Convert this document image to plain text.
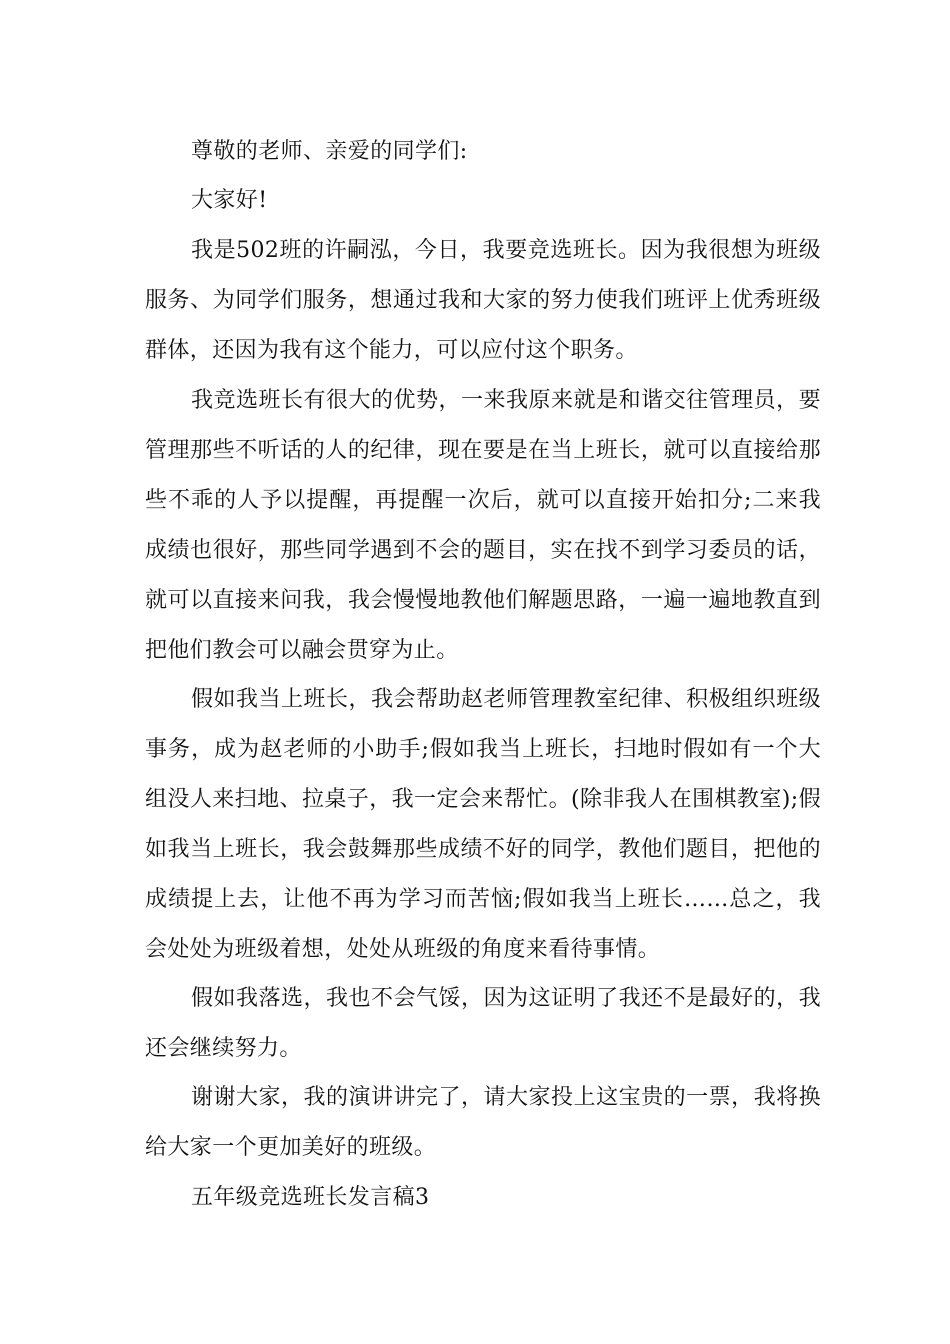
尊敬的老师、亲爱的同学们:

大家好!

我是502班的许嗣泓，今日，我要竞选班长。因为我很想为班级服务、为同学们服务，想通过我和大家的努力使我们班评上优秀班级群体，还因为我有这个能力，可以应付这个职务。

我竞选班长有很大的优势，一来我原来就是和谐交往管理员，要管理那些不听话的人的纪律，现在要是在当上班长，就可以直接给那些不乖的人予以提醒，再提醒一次后，就可以直接开始扣分;二来我成绩也很好，那些同学遇到不会的题目，实在找不到学习委员的话，就可以直接来问我，我会慢慢地教他们解题思路，一遍一遍地教直到把他们教会可以融会贯穿为止。

假如我当上班长，我会帮助赵老师管理教室纪律、积极组织班级事务，成为赵老师的小助手;假如我当上班长，扫地时假如有一个大组没人来扫地、拉桌子，我一定会来帮忙。(除非我人在围棋教室);假如我当上班长，我会鼓舞那些成绩不好的同学，教他们题目，把他的成绩提上去，让他不再为学习而苦恼;假如我当上班长……总之，我会处处为班级着想，处处从班级的角度来看待事情。

假如我落选，我也不会气馁，因为这证明了我还不是最好的，我还会继续努力。

谢谢大家，我的演讲讲完了，请大家投上这宝贵的一票，我将换给大家一个更加美好的班级。

五年级竞选班长发言稿3
